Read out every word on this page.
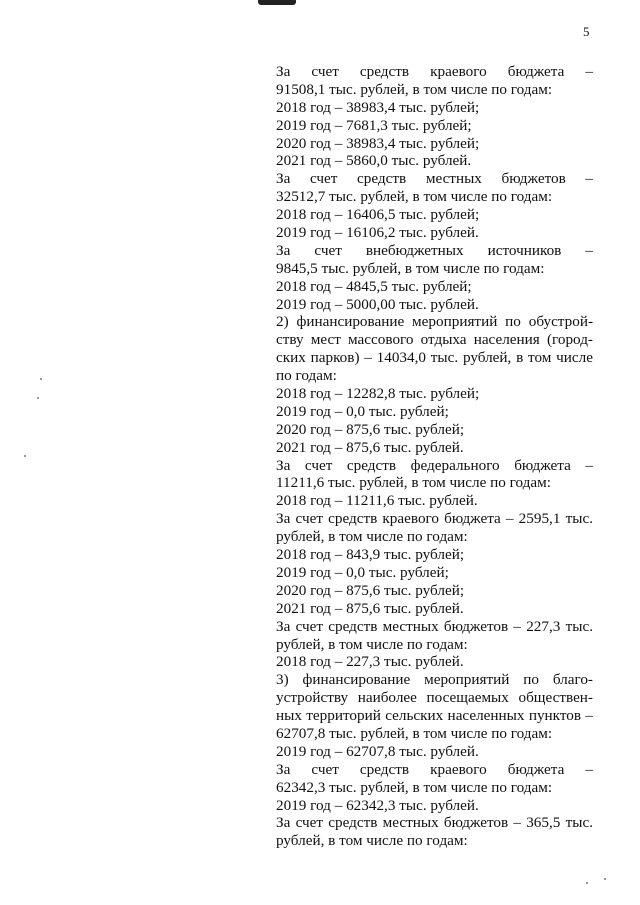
5
За счет средств краевого бюджета –
91508,1 тыс. рублей, в том числе по годам:
2018 год – 38983,4 тыс. рублей;
2019 год – 7681,3 тыс. рублей;
2020 год – 38983,4 тыс. рублей;
2021 год – 5860,0 тыс. рублей.
За счет средств местных бюджетов –
32512,7 тыс. рублей, в том числе по годам:
2018 год – 16406,5 тыс. рублей;
2019 год – 16106,2 тыс. рублей.
За счет внебюджетных источников –
9845,5 тыс. рублей, в том числе по годам:
2018 год – 4845,5 тыс. рублей;
2019 год – 5000,00 тыс. рублей.
2) финансирование мероприятий по обустрой-
ству мест массового отдыха населения (город-
ских парков) – 14034,0 тыс. рублей, в том числе
по годам:
2018 год – 12282,8 тыс. рублей;
2019 год – 0,0 тыс. рублей;
2020 год – 875,6 тыс. рублей;
2021 год – 875,6 тыс. рублей.
За счет средств федерального бюджета –
11211,6 тыс. рублей, в том числе по годам:
2018 год – 11211,6 тыс. рублей.
За счет средств краевого бюджета – 2595,1 тыс.
рублей, в том числе по годам:
2018 год – 843,9 тыс. рублей;
2019 год – 0,0 тыс. рублей;
2020 год – 875,6 тыс. рублей;
2021 год – 875,6 тыс. рублей.
За счет средств местных бюджетов – 227,3 тыс.
рублей, в том числе по годам:
2018 год – 227,3 тыс. рублей.
3) финансирование мероприятий по благо-
устройству наиболее посещаемых обществен-
ных территорий сельских населенных пунктов –
62707,8 тыс. рублей, в том числе по годам:
2019 год – 62707,8 тыс. рублей.
За счет средств краевого бюджета –
62342,3 тыс. рублей, в том числе по годам:
2019 год – 62342,3 тыс. рублей.
За счет средств местных бюджетов – 365,5 тыс.
рублей, в том числе по годам:
